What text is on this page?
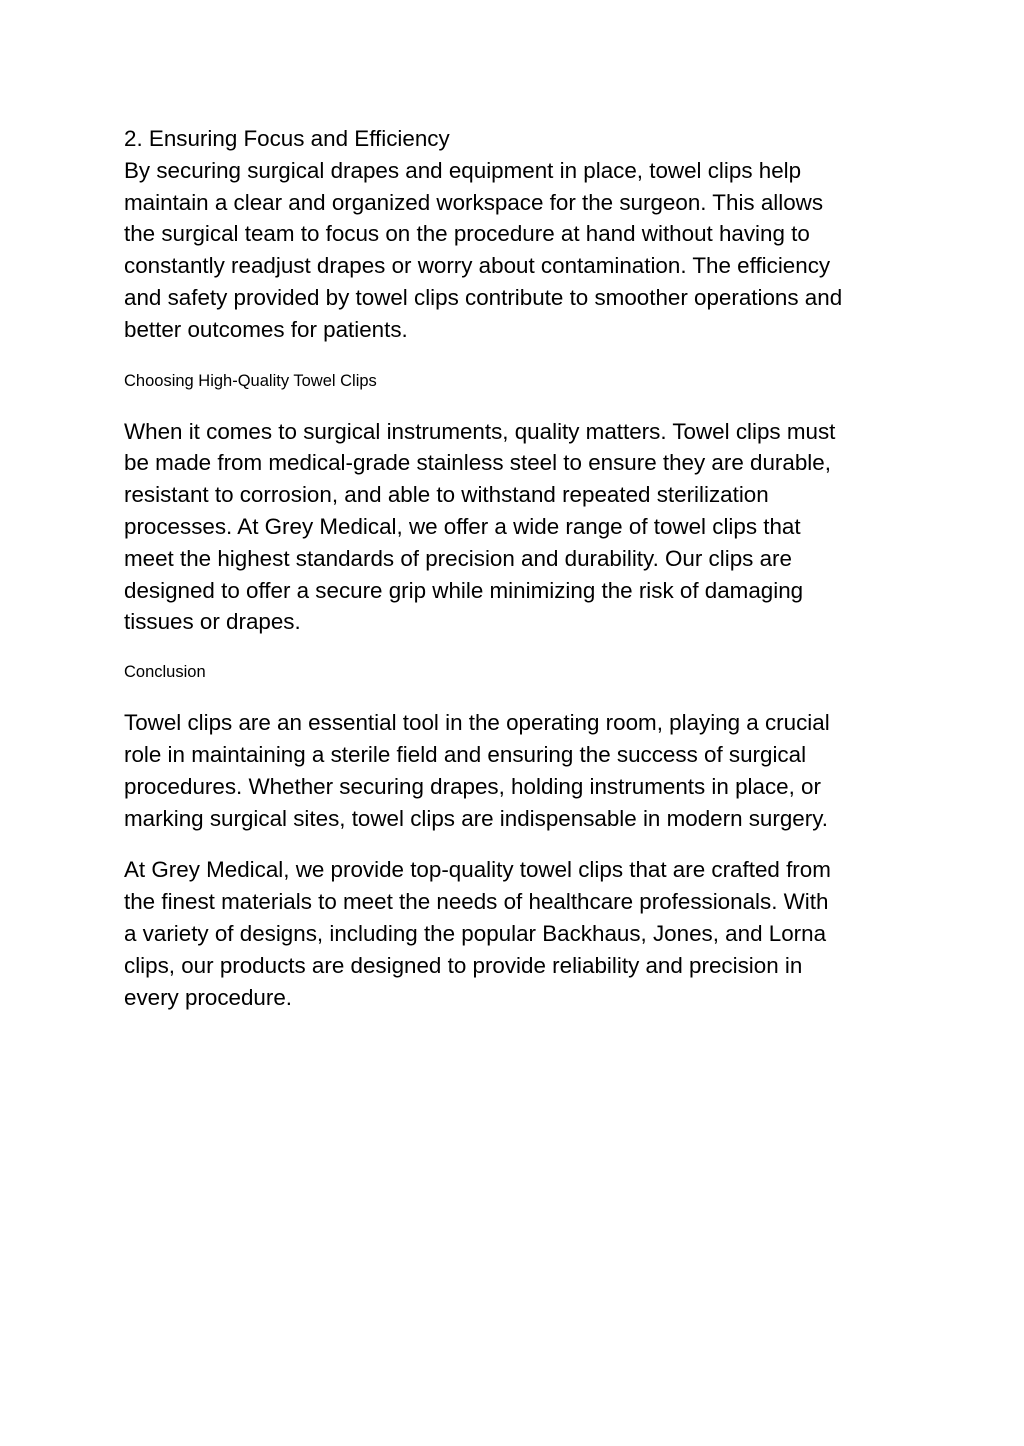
2. Ensuring Focus and Efficiency

By securing surgical drapes and equipment in place, towel clips help
maintain a clear and organized workspace for the surgeon. This allows
the surgical team to focus on the procedure at hand without having to
constantly readjust drapes or worry about contamination. The efficiency
and safety provided by towel clips contribute to smoother operations and
better outcomes for patients.

Choosing High-Quality Towel Clips

When it comes to surgical instruments, quality matters. Towel clips must
be made from medical-grade stainless steel to ensure they are durable,
resistant to corrosion, and able to withstand repeated sterilization
processes. At Grey Medical, we offer a wide range of towel clips that
meet the highest standards of precision and durability. Our clips are
designed to offer a secure grip while minimizing the risk of damaging
tissues or drapes.

Conclusion

Towel clips are an essential tool in the operating room, playing a crucial
role in maintaining a sterile field and ensuring the success of surgical
procedures. Whether securing drapes, holding instruments in place, or
marking surgical sites, towel clips are indispensable in modern surgery.

At Grey Medical, we provide top-quality towel clips that are crafted from
the finest materials to meet the needs of healthcare professionals. With
a variety of designs, including the popular Backhaus, Jones, and Lorna
clips, our products are designed to provide reliability and precision in
every procedure.
